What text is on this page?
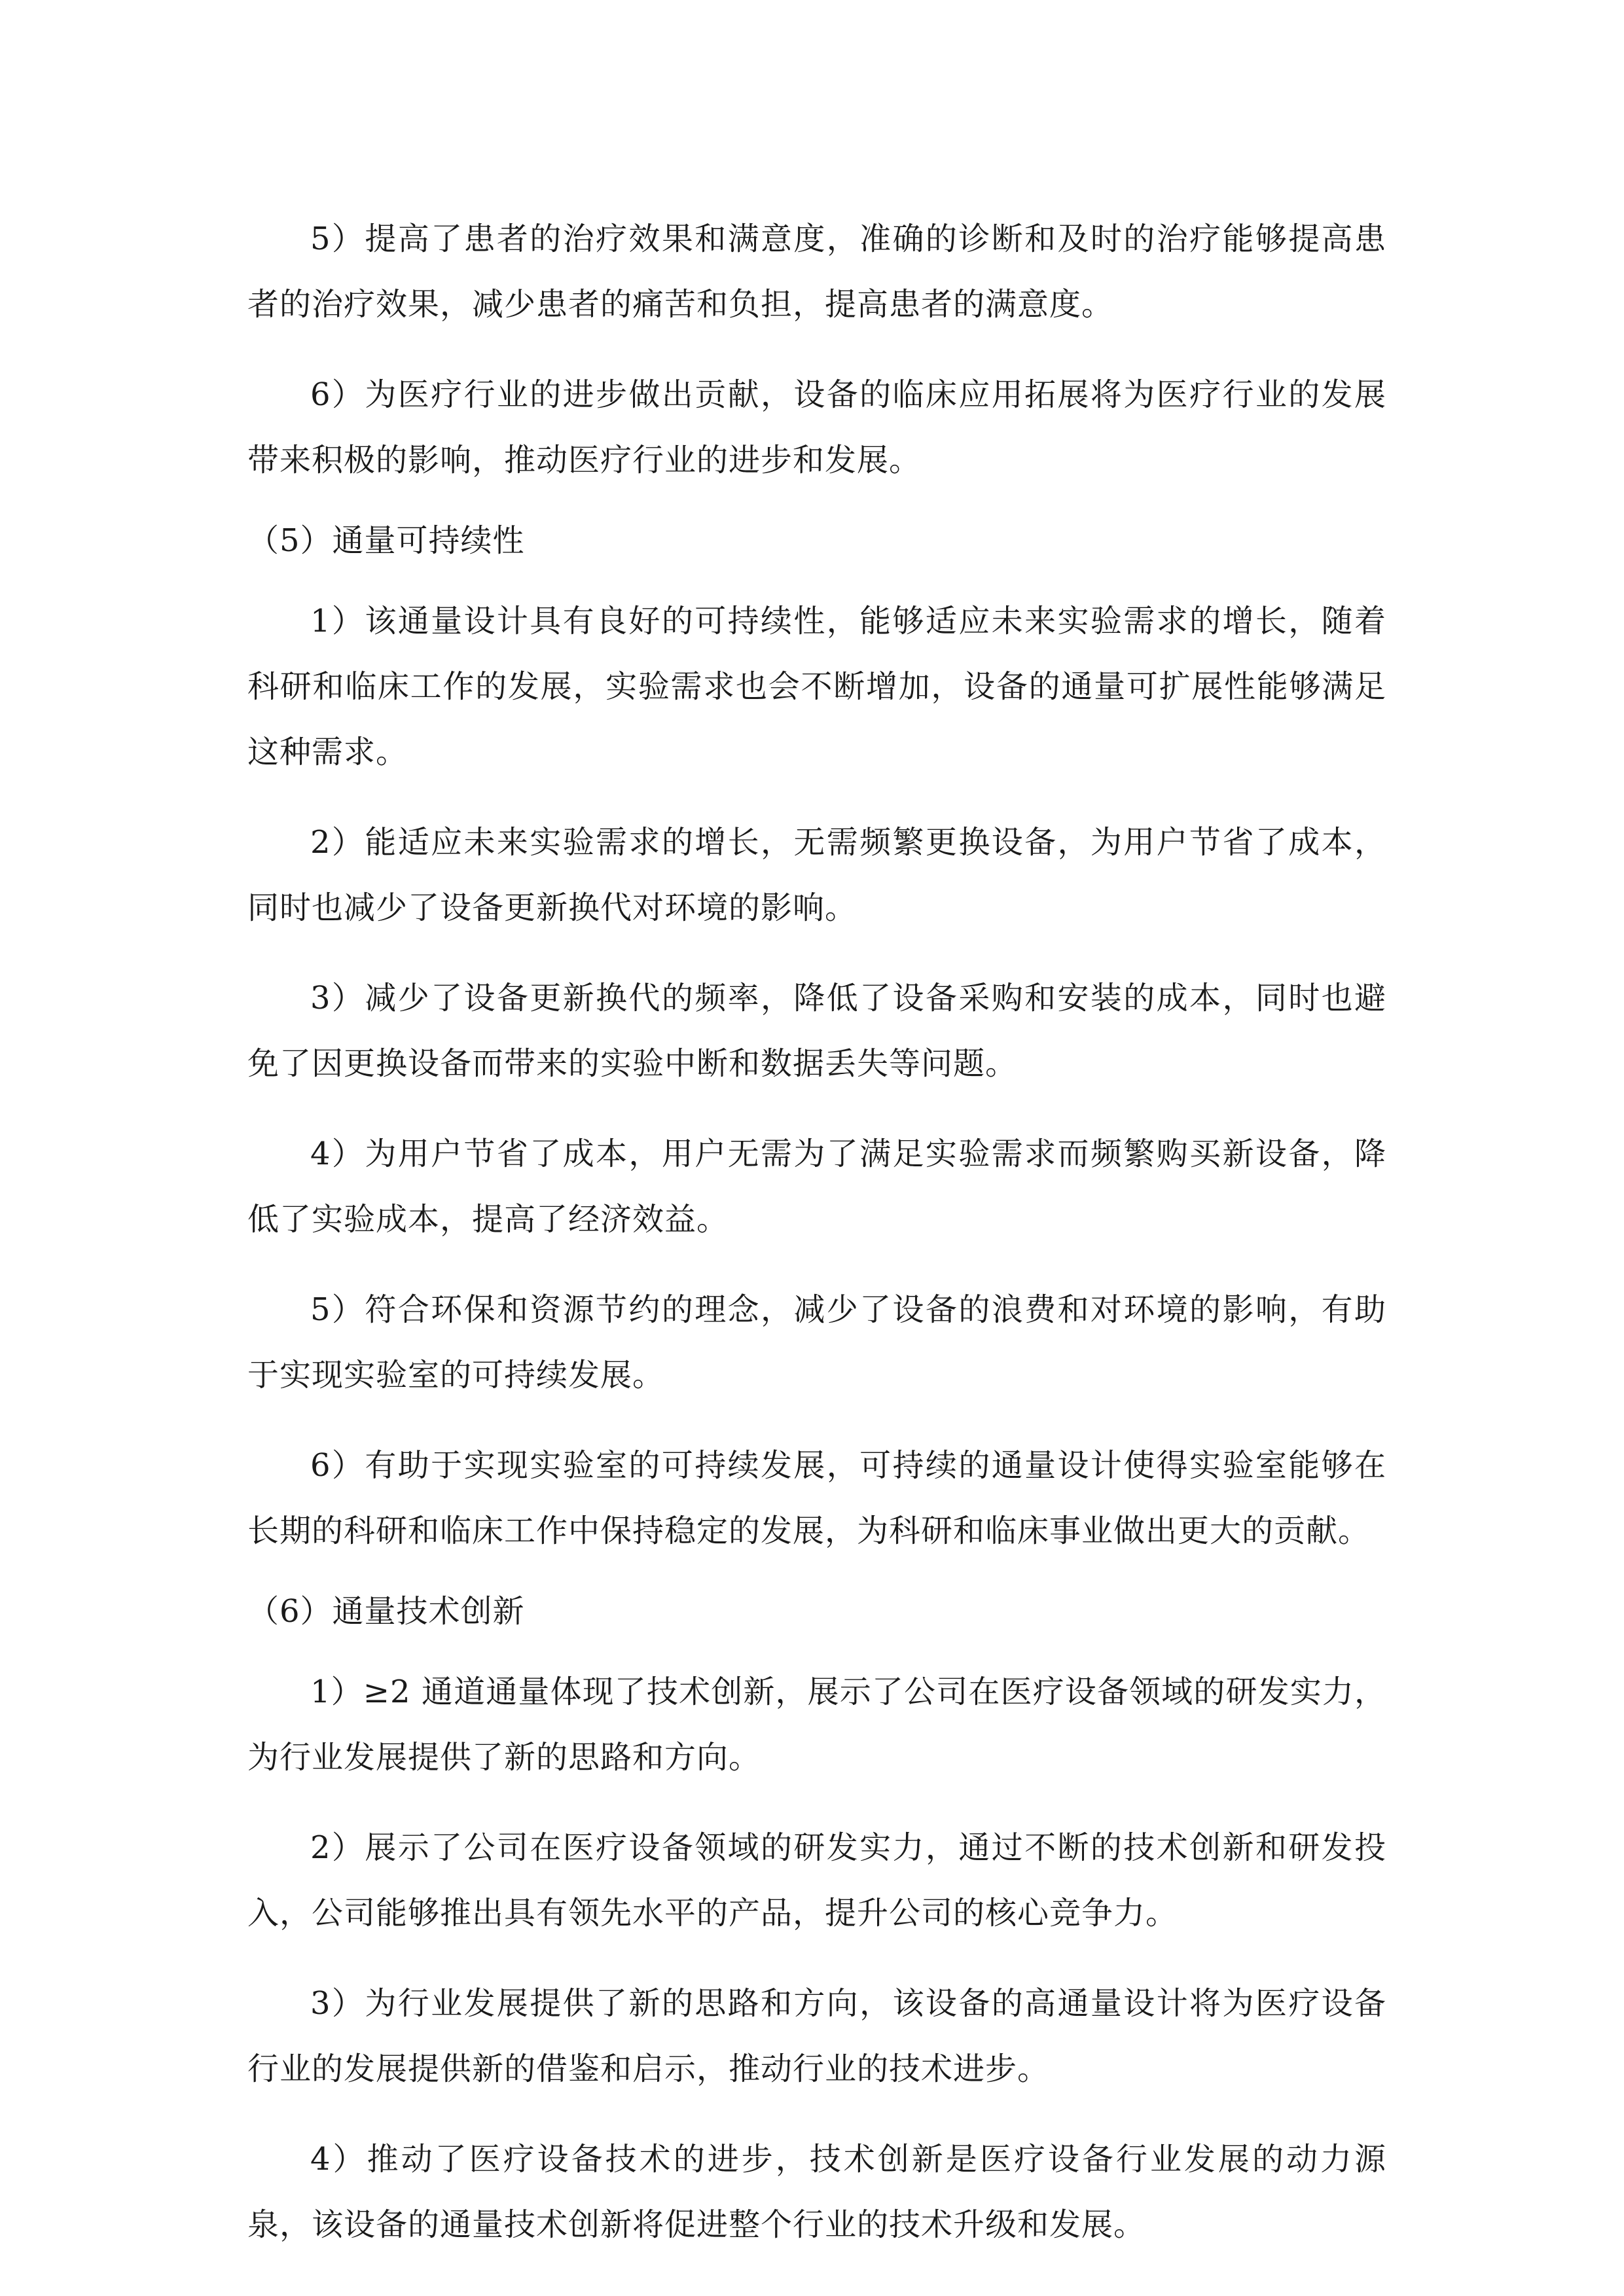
5）提高了患者的治疗效果和满意度，准确的诊断和及时的治疗能够提高患者的治疗效果，减少患者的痛苦和负担，提高患者的满意度。

6）为医疗行业的进步做出贡献，设备的临床应用拓展将为医疗行业的发展带来积极的影响，推动医疗行业的进步和发展。

（5）通量可持续性

1）该通量设计具有良好的可持续性，能够适应未来实验需求的增长，随着科研和临床工作的发展，实验需求也会不断增加，设备的通量可扩展性能够满足这种需求。

2）能适应未来实验需求的增长，无需频繁更换设备，为用户节省了成本，同时也减少了设备更新换代对环境的影响。

3）减少了设备更新换代的频率，降低了设备采购和安装的成本，同时也避免了因更换设备而带来的实验中断和数据丢失等问题。

4）为用户节省了成本，用户无需为了满足实验需求而频繁购买新设备，降低了实验成本，提高了经济效益。

5）符合环保和资源节约的理念，减少了设备的浪费和对环境的影响，有助于实现实验室的可持续发展。

6）有助于实现实验室的可持续发展，可持续的通量设计使得实验室能够在长期的科研和临床工作中保持稳定的发展，为科研和临床事业做出更大的贡献。

（6）通量技术创新

1）≥2 通道通量体现了技术创新，展示了公司在医疗设备领域的研发实力，为行业发展提供了新的思路和方向。

2）展示了公司在医疗设备领域的研发实力，通过不断的技术创新和研发投入，公司能够推出具有领先水平的产品，提升公司的核心竞争力。

3）为行业发展提供了新的思路和方向，该设备的高通量设计将为医疗设备行业的发展提供新的借鉴和启示，推动行业的技术进步。

4）推动了医疗设备技术的进步，技术创新是医疗设备行业发展的动力源泉，该设备的通量技术创新将促进整个行业的技术升级和发展。
